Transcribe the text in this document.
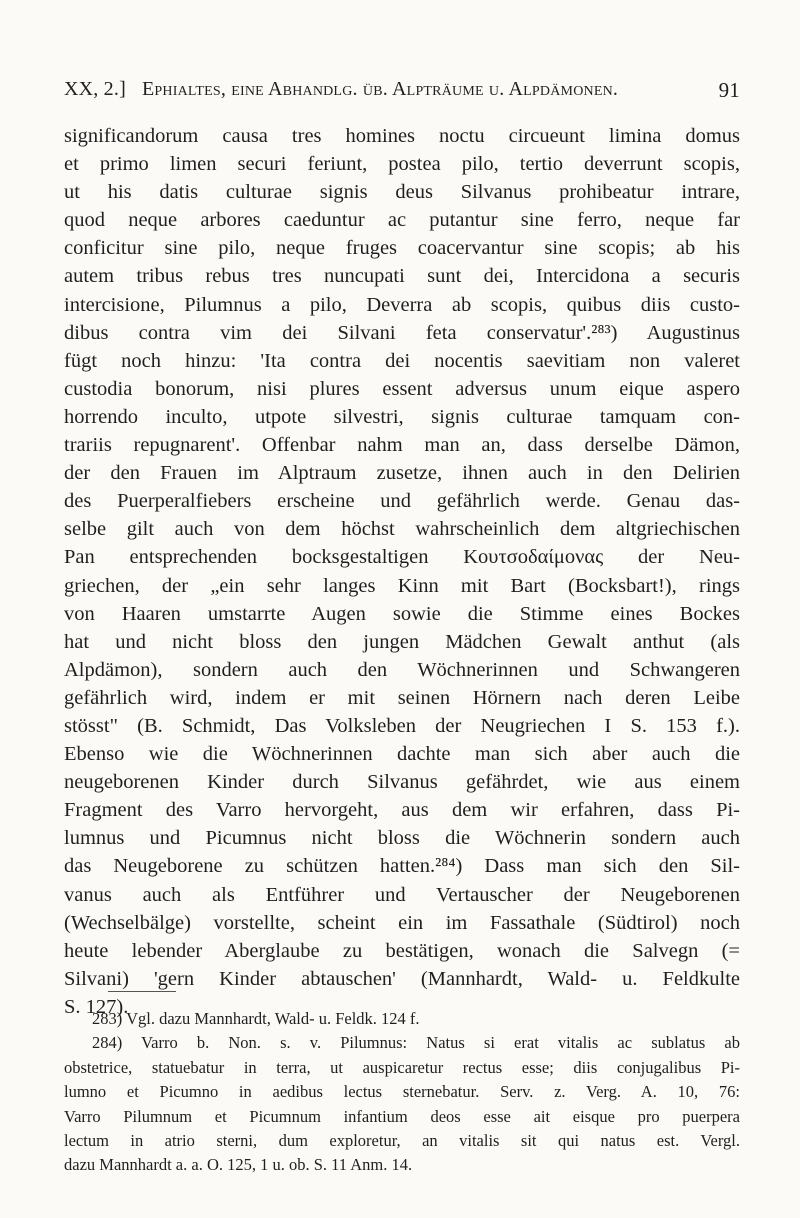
XX, 2.] Ephialtes, eine Abhandlg. üb. Alpträume u. Alpdämonen.	91
significandorum causa tres homines noctu circueunt limina domus
et primo limen securi feriunt, postea pilo, tertio deverrunt scopis,
ut his datis culturae signis deus Silvanus prohibeatur intrare,
quod neque arbores caeduntur ac putantur sine ferro, neque far
conficitur sine pilo, neque fruges coacervantur sine scopis; ab his
autem tribus rebus tres nuncupati sunt dei, Intercidona a securis
intercisione, Pilumnus a pilo, Deverra ab scopis, quibus diis custo-
dibus contra vim dei Silvani feta conservatur'.²⁸³) Augustinus
fügt noch hinzu: 'Ita contra dei nocentis saevitiam non valeret
custodia bonorum, nisi plures essent adversus unum eique aspero
horrendo inculto, utpote silvestri, signis culturae tamquam con-
trariis repugnarent'. Offenbar nahm man an, dass derselbe Dämon,
der den Frauen im Alptraum zusetze, ihnen auch in den Delirien
des Puerperalfiebers erscheine und gefährlich werde. Genau das-
selbe gilt auch von dem höchst wahrscheinlich dem altgriechischen
Pan entsprechenden bocksgestaltigen Κουτσοδαίμονας der Neu-
griechen, der „ein sehr langes Kinn mit Bart (Bocksbart!), rings
von Haaren umstarrte Augen sowie die Stimme eines Bockes
hat und nicht bloss den jungen Mädchen Gewalt anthut (als
Alpdämon), sondern auch den Wöchnerinnen und Schwangeren
gefährlich wird, indem er mit seinen Hörnern nach deren Leibe
stösst" (B. Schmidt, Das Volksleben der Neugriechen I S. 153 f.).
Ebenso wie die Wöchnerinnen dachte man sich aber auch die
neugeborenen Kinder durch Silvanus gefährdet, wie aus einem
Fragment des Varro hervorgeht, aus dem wir erfahren, dass Pi-
lumnus und Picumnus nicht bloss die Wöchnerin sondern auch
das Neugeborene zu schützen hatten.²⁸⁴) Dass man sich den Sil-
vanus auch als Entführer und Vertauscher der Neugeborenen
(Wechselbälge) vorstellte, scheint ein im Fassathale (Südtirol) noch
heute lebender Aberglaube zu bestätigen, wonach die Salvegn (=
Silvani) 'gern Kinder abtauschen' (Mannhardt, Wald- u. Feldkulte
S. 127).
283) Vgl. dazu Mannhardt, Wald- u. Feldk. 124 f.
284) Varro b. Non. s. v. Pilumnus: Natus si erat vitalis ac sublatus ab
obstetrice, statuebatur in terra, ut auspicaretur rectus esse; diis conjugalibus Pi-
lumno et Picumno in aedibus lectus sternebatur. Serv. z. Verg. A. 10, 76:
Varro Pilumnum et Picumnum infantium deos esse ait eisque pro puerpera
lectum in atrio sterni, dum exploretur, an vitalis sit qui natus est. Vergl.
dazu Mannhardt a. a. O. 125, 1 u. ob. S. 11 Anm. 14.
